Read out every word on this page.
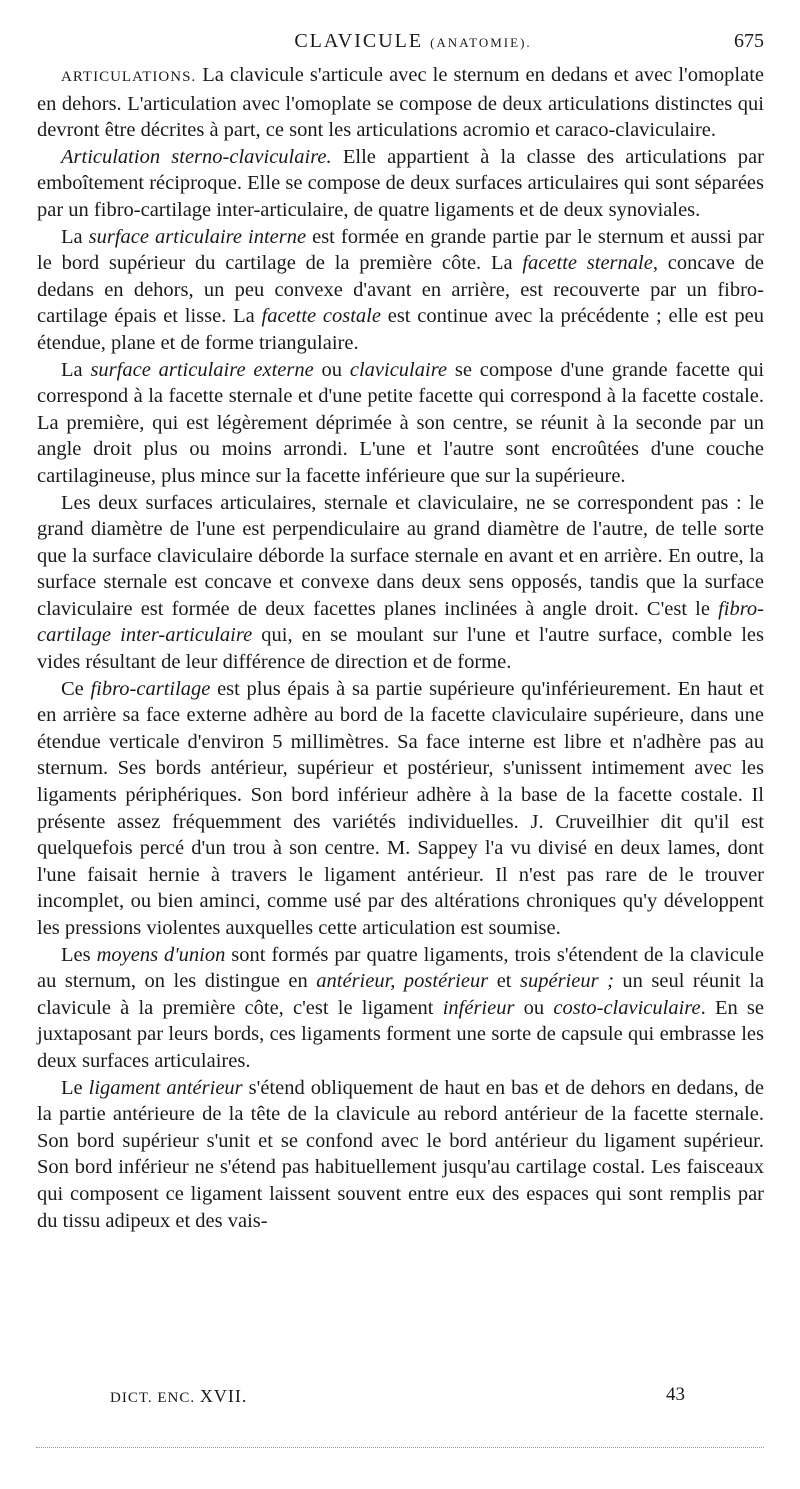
CLAVICULE (ANATOMIE).	675

ARTICULATIONS. La clavicule s'articule avec le sternum en dedans et avec l'omoplate en dehors. L'articulation avec l'omoplate se compose de deux articulations distinctes qui devront être décrites à part, ce sont les articulations acromio et caraco-claviculaire.

Articulation sterno-claviculaire. Elle appartient à la classe des articulations par emboîtement réciproque. Elle se compose de deux surfaces articulaires qui sont séparées par un fibro-cartilage inter-articulaire, de quatre ligaments et de deux synoviales.

La surface articulaire interne est formée en grande partie par le sternum et aussi par le bord supérieur du cartilage de la première côte. La facette sternale, concave de dedans en dehors, un peu convexe d'avant en arrière, est recouverte par un fibro-cartilage épais et lisse. La facette costale est continue avec la précédente ; elle est peu étendue, plane et de forme triangulaire.

La surface articulaire externe ou claviculaire se compose d'une grande facette qui correspond à la facette sternale et d'une petite facette qui correspond à la facette costale. La première, qui est légèrement déprimée à son centre, se réunit à la seconde par un angle droit plus ou moins arrondi. L'une et l'autre sont encroûtées d'une couche cartilagineuse, plus mince sur la facette inférieure que sur la supérieure.

Les deux surfaces articulaires, sternale et claviculaire, ne se correspondent pas : le grand diamètre de l'une est perpendiculaire au grand diamètre de l'autre, de telle sorte que la surface claviculaire déborde la surface sternale en avant et en arrière. En outre, la surface sternale est concave et convexe dans deux sens opposés, tandis que la surface claviculaire est formée de deux facettes planes inclinées à angle droit. C'est le fibro-cartilage inter-articulaire qui, en se moulant sur l'une et l'autre surface, comble les vides résultant de leur différence de direction et de forme.

Ce fibro-cartilage est plus épais à sa partie supérieure qu'inférieurement. En haut et en arrière sa face externe adhère au bord de la facette claviculaire supérieure, dans une étendue verticale d'environ 5 millimètres. Sa face interne est libre et n'adhère pas au sternum. Ses bords antérieur, supérieur et postérieur, s'unissent intimement avec les ligaments périphériques. Son bord inférieur adhère à la base de la facette costale. Il présente assez fréquemment des variétés individuelles. J. Cruveilhier dit qu'il est quelquefois percé d'un trou à son centre. M. Sappey l'a vu divisé en deux lames, dont l'une faisait hernie à travers le ligament antérieur. Il n'est pas rare de le trouver incomplet, ou bien aminci, comme usé par des altérations chroniques qu'y développent les pressions violentes auxquelles cette articulation est soumise.

Les moyens d'union sont formés par quatre ligaments, trois s'étendent de la clavicule au sternum, on les distingue en antérieur, postérieur et supérieur ; un seul réunit la clavicule à la première côte, c'est le ligament inférieur ou costo-claviculaire. En se juxtaposant par leurs bords, ces ligaments forment une sorte de capsule qui embrasse les deux surfaces articulaires.

Le ligament antérieur s'étend obliquement de haut en bas et de dehors en dedans, de la partie antérieure de la tête de la clavicule au rebord antérieur de la facette sternale. Son bord supérieur s'unit et se confond avec le bord antérieur du ligament supérieur. Son bord inférieur ne s'étend pas habituellement jusqu'au cartilage costal. Les faisceaux qui composent ce ligament laissent souvent entre eux des espaces qui sont remplis par du tissu adipeux et des vais-

DICT. ENC. XVII.	43
